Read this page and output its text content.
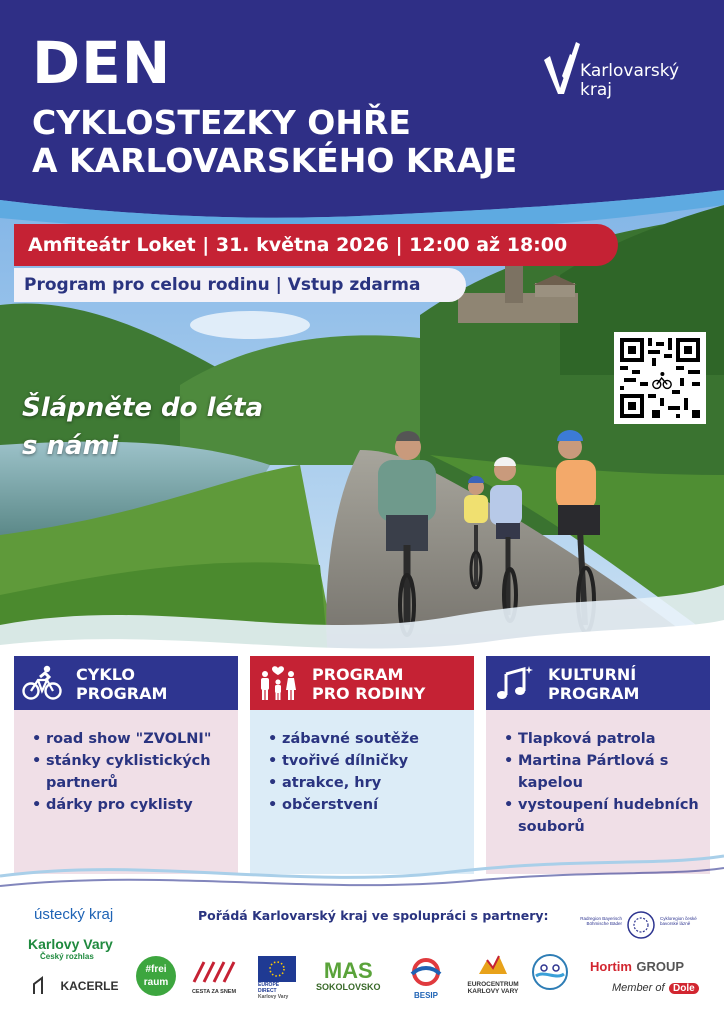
DEN
CYKLOSTEZKY OHŘE
A KARLOVARSKÉHO KRAJE
Karlovarský
kraj
Amfiteátr Loket | 31. května 2026 | 12:00 až 18:00
Program pro celou rodinu | Vstup zdarma
Šlápněte do léta
s námi
CYKLO
PROGRAM
• road show "ZVOLNI"
• stánky cyklistických partnerů
• dárky pro cyklisty
PROGRAM
PRO RODINY
• zábavné soutěže
• tvořivé dílničky
• atrakce, hry
• občerstvení
KULTURNÍ
PROGRAM
• Tlapková patrola
• Martina Pártlová s kapelou
• vystoupení hudebních souborů
Pořádá Karlovarský kraj ve spolupráci s partnery:
ústecký kraj
Karlovy Vary
Český rozhlas
KACERLE
#frei
raum
CESTA ZA SNEM
EUROPE DIRECT
Karlovy Vary
MAS
SOKOLOVSKO
BESIP
EUROCENTRUM
KARLOVY VARY
Radregion Bayerisch Böhmische Bäder
Cykloregion české bavorské lázně
Hortim GROUP
Member of Dole
